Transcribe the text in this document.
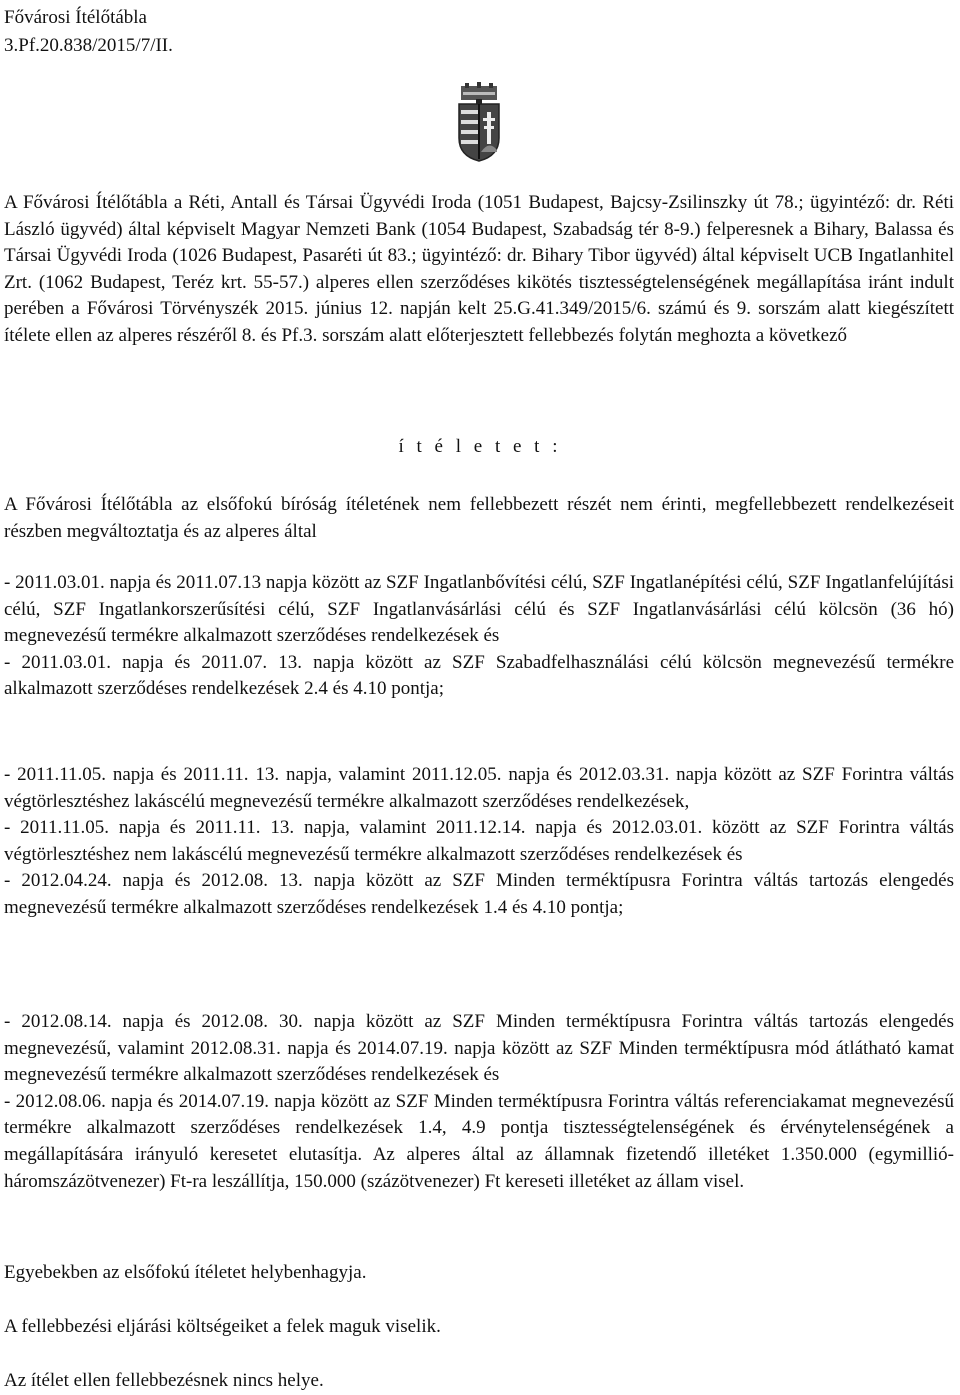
Fővárosi Ítélőtábla

3.Pf.20.838/2015/7/II.

A Fővárosi Ítélőtábla a Réti, Antall és Társai Ügyvédi Iroda (1051 Budapest, Bajcsy-Zsilinszky út 78.; ügyintéző: dr. Réti László ügyvéd) által képviselt Magyar Nemzeti Bank (1054 Budapest, Szabadság tér 8-9.) felperesnek a Bihary, Balassa és Társai Ügyvédi Iroda (1026 Budapest, Pasaréti út 83.; ügyintéző: dr. Bihary Tibor ügyvéd) által képviselt UCB Ingatlanhitel Zrt. (1062 Budapest, Teréz krt. 55-57.) alperes ellen szerződéses kikötés tisztességtelenségének megállapítása iránt indult perében a Fővárosi Törvényszék 2015. június 12. napján kelt 25.G.41.349/2015/6. számú és 9. sorszám alatt kiegészített ítélete ellen az alperes részéről 8. és Pf.3. sorszám alatt előterjesztett fellebbezés folytán meghozta a következő

í t é l e t e t :

A Fővárosi Ítélőtábla az elsőfokú bíróság ítéletének nem fellebbezett részét nem érinti, megfellebbezett rendelkezéseit részben megváltoztatja és az alperes által

- 2011.03.01. napja és 2011.07.13 napja között az SZF Ingatlanbővítési célú, SZF Ingatlanépítési célú, SZF Ingatlanfelújítási célú, SZF Ingatlankorszerűsítési célú, SZF Ingatlanvásárlási célú és SZF Ingatlanvásárlási célú kölcsön (36 hó) megnevezésű termékre alkalmazott szerződéses rendelkezések és

- 2011.03.01. napja és 2011.07. 13. napja között az SZF Szabadfelhasználási célú kölcsön megnevezésű termékre alkalmazott szerződéses rendelkezések 2.4 és 4.10 pontja;

- 2011.11.05. napja és 2011.11. 13. napja, valamint 2011.12.05. napja és 2012.03.31. napja között az SZF Forintra váltás végtörlesztéshez lakáscélú megnevezésű termékre alkalmazott szerződéses rendelkezések,

- 2011.11.05. napja és 2011.11. 13. napja, valamint 2011.12.14. napja és 2012.03.01. között az SZF Forintra váltás végtörlesztéshez nem lakáscélú megnevezésű termékre alkalmazott szerződéses rendelkezések és

- 2012.04.24. napja és 2012.08. 13. napja között az SZF Minden terméktípusra Forintra váltás tartozás elengedés megnevezésű termékre alkalmazott szerződéses rendelkezések 1.4 és 4.10 pontja;

- 2012.08.14. napja és 2012.08. 30. napja között az SZF Minden terméktípusra Forintra váltás tartozás elengedés megnevezésű, valamint 2012.08.31. napja és 2014.07.19. napja között az SZF Minden terméktípusra mód átlátható kamat megnevezésű termékre alkalmazott szerződéses rendelkezések és

- 2012.08.06. napja és 2014.07.19. napja között az SZF Minden terméktípusra Forintra váltás referenciakamat megnevezésű termékre alkalmazott szerződéses rendelkezések 1.4, 4.9 pontja tisztességtelenségének és érvénytelenségének a megállapítására irányuló keresetet elutasítja. Az alperes által az államnak fizetendő illetéket 1.350.000 (egymillió-háromszázötvenezer) Ft-ra leszállítja, 150.000 (százötvenezer) Ft kereseti illetéket az állam visel.

Egyebekben az elsőfokú ítéletet helybenhagyja.

A fellebbezési eljárási költségeiket a felek maguk viselik.

Az ítélet ellen fellebbezésnek nincs helye.
